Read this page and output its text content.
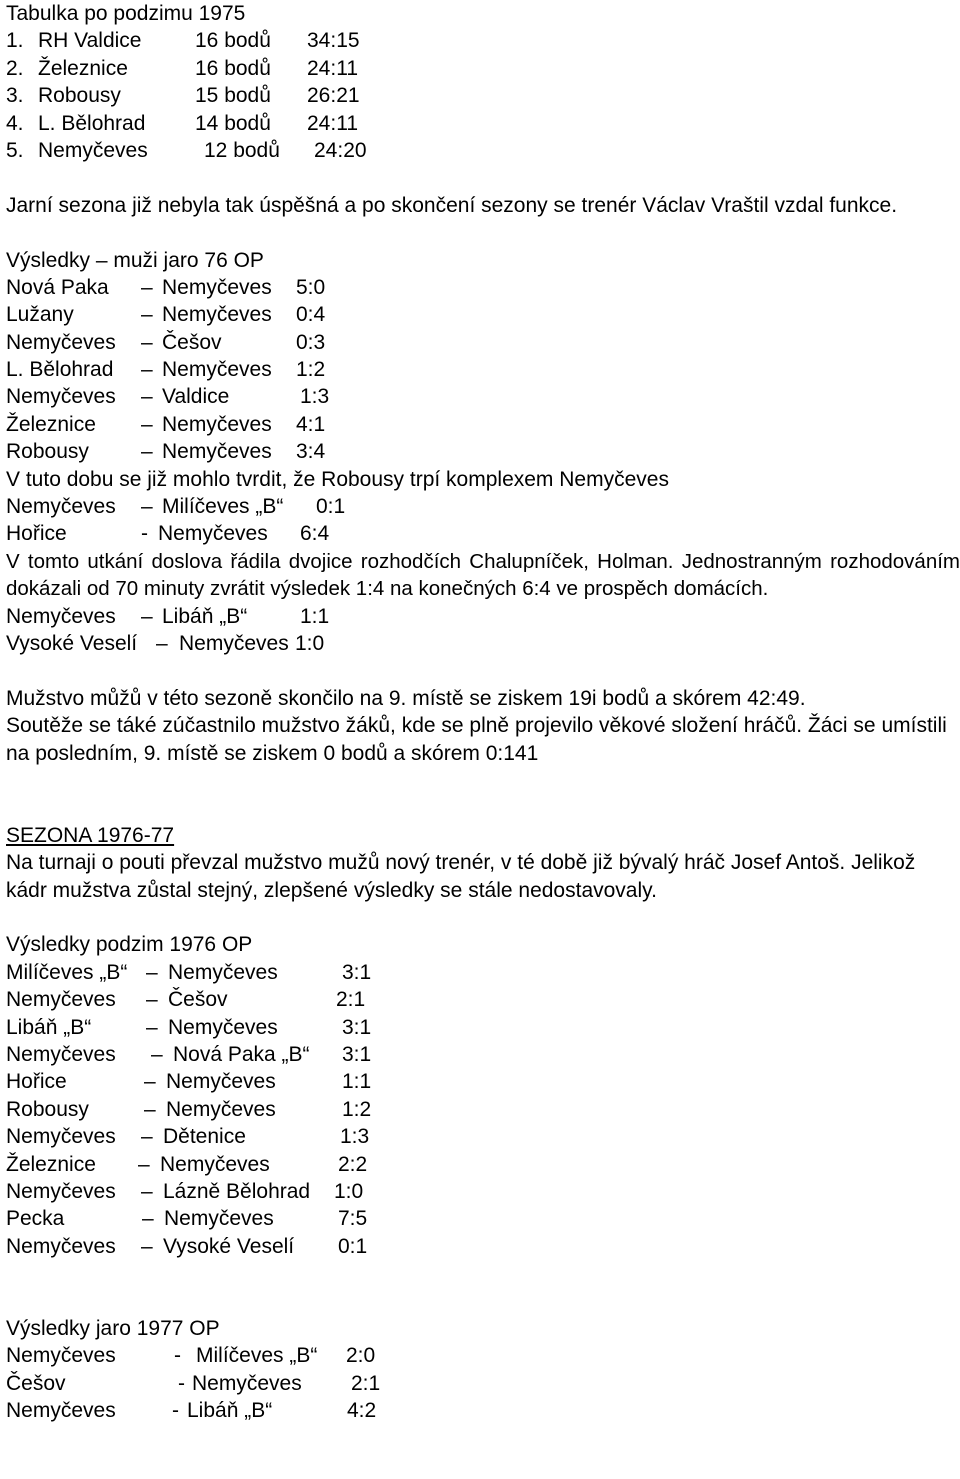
Tabulka po podzimu 1975
1. RH Valdice	16 bodů 34:15
2. Železnice	16 bodů 24:11
3. Robousy	15 bodů 26:21
4. L. Bělohrad 14 bodů 24:11
5. Nemyčeves	12 bodů 24:20
Jarní sezona již nebyla tak úspěšná a po skončení sezony se trenér Václav Vraštil vzdal funkce.
Výsledky – muži jaro 76 OP
Nová Paka – Nemyčeves 5:0
Lužany	– Nemyčeves 0:4
Nemyčeves – Češov	0:3
L. Bělohrad – Nemyčeves 1:2
Nemyčeves – Valdice	1:3
Železnice – Nemyčeves 4:1
Robousy – Nemyčeves 3:4
V tuto dobu se již mohlo tvrdit, že Robousy trpí komplexem Nemyčeves
Nemyčeves – Milíčeves „B“ 0:1
Hořice	- Nemyčeves 6:4
V tomto utkání doslova řádila dvojice rozhodčích Chalupníček, Holman. Jednostranným rozhodováním dokázali od 70 minuty zvrátit výsledek 1:4 na konečných 6:4 ve prospěch domácích.
Nemyčeves – Libáň „B“	1:1
Vysoké Veselí – Nemyčeves 1:0
Mužstvo můžů v této sezoně skončilo na 9. místě se ziskem 19i bodů a skórem 42:49.
Soutěže se táké zúčastnilo mužstvo žáků, kde se plně projevilo věkové složení hráčů. Žáci se umístili na posledním, 9. místě se ziskem 0 bodů a skórem 0:141
SEZONA 1976-77
Na turnaji o pouti převzal mužstvo mužů nový trenér, v té době již bývalý hráč Josef Antoš. Jelikož kádr mužstva zůstal stejný, zlepšené výsledky se stále nedostavovaly.
Výsledky podzim 1976 OP
Milíčeves „B“ – Nemyčeves	3:1
Nemyčeves – Češov	2:1
Libáň „B“	– Nemyčeves	3:1
Nemyčeves – Nová Paka „B“ 3:1
Hořice	– Nemyčeves	1:1
Robousy	– Nemyčeves	1:2
Nemyčeves – Dětenice	1:3
Železnice – Nemyčeves	2:2
Nemyčeves – Lázně Bělohrad 1:0
Pecka	– Nemyčeves	7:5
Nemyčeves – Vysoké Veselí 0:1
Výsledky jaro 1977 OP
Nemyčeves	- Milíčeves „B“ 2:0
Češov	- Nemyčeves 2:1
Nemyčeves	- Libáň „B“	4:2
